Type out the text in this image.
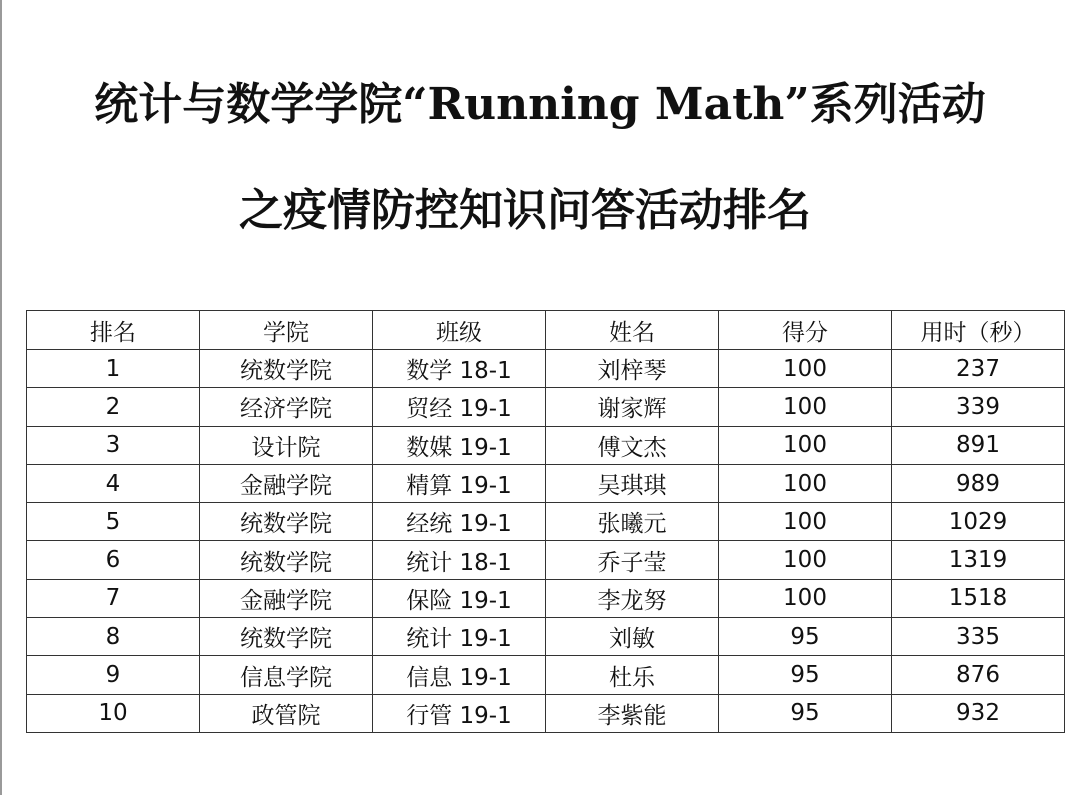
统计与数学学院“Running Math”系列活动
之疫情防控知识问答活动排名
排名	学院	班级	姓名	得分	用时（秒）
1	统数学院	数学 18-1	刘梓琴	100	237
2	经济学院	贸经 19-1	谢家辉	100	339
3	设计院	数媒 19-1	傅文杰	100	891
4	金融学院	精算 19-1	吴琪琪	100	989
5	统数学院	经统 19-1	张曦元	100	1029
6	统数学院	统计 18-1	乔子莹	100	1319
7	金融学院	保险 19-1	李龙努	100	1518
8	统数学院	统计 19-1	刘敏	95	335
9	信息学院	信息 19-1	杜乐	95	876
10	政管院	行管 19-1	李紫能	95	932
